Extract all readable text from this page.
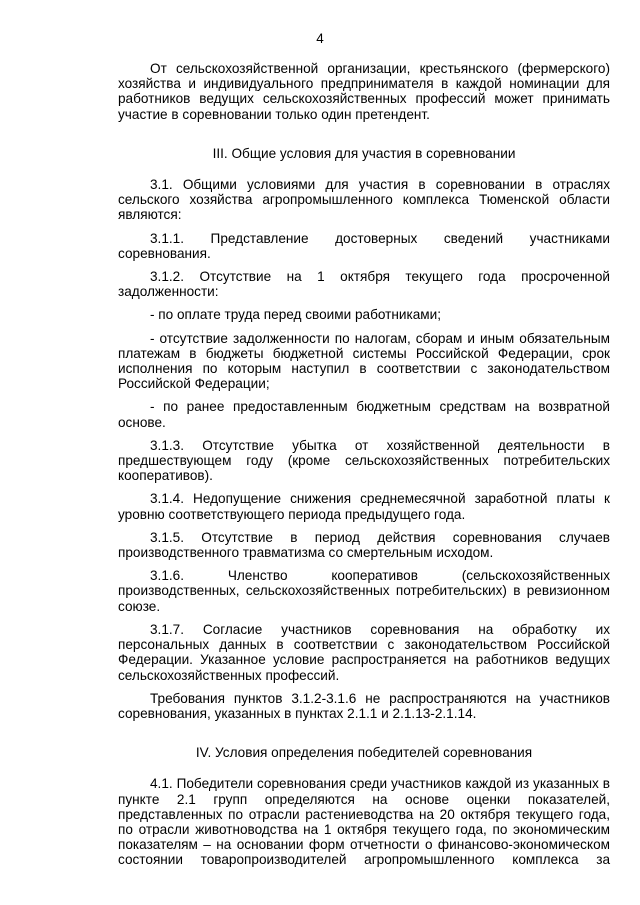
4

От сельскохозяйственной организации, крестьянского (фермерского) хозяйства и индивидуального предпринимателя в каждой номинации для работников ведущих сельскохозяйственных профессий может принимать участие в соревновании только один претендент.

III. Общие условия для участия в соревновании

3.1. Общими условиями для участия в соревновании в отраслях сельского хозяйства агропромышленного комплекса Тюменской области являются:

3.1.1. Представление достоверных сведений участниками соревнования.

3.1.2. Отсутствие на 1 октября текущего года просроченной задолженности:

- по оплате труда перед своими работниками;

- отсутствие задолженности по налогам, сборам и иным обязательным платежам в бюджеты бюджетной системы Российской Федерации, срок исполнения по которым наступил в соответствии с законодательством Российской Федерации;

- по ранее предоставленным бюджетным средствам на возвратной основе.

3.1.3. Отсутствие убытка от хозяйственной деятельности в предшествующем году (кроме сельскохозяйственных потребительских кооперативов).

3.1.4. Недопущение снижения среднемесячной заработной платы к уровню соответствующего периода предыдущего года.

3.1.5. Отсутствие в период действия соревнования случаев производственного травматизма со смертельным исходом.

3.1.6. Членство кооперативов (сельскохозяйственных производственных, сельскохозяйственных потребительских) в ревизионном союзе.

3.1.7. Согласие участников соревнования на обработку их персональных данных в соответствии с законодательством Российской Федерации. Указанное условие распространяется на работников ведущих сельскохозяйственных профессий.

Требования пунктов 3.1.2-3.1.6 не распространяются на участников соревнования, указанных в пунктах 2.1.1 и 2.1.13-2.1.14.

IV. Условия определения победителей соревнования

4.1. Победители соревнования среди участников каждой из указанных в пункте 2.1 групп определяются на основе оценки показателей, представленных по отрасли растениеводства на 20 октября текущего года, по отрасли животноводства на 1 октября текущего года, по экономическим показателям – на основании форм отчетности о финансово-экономическом состоянии товаропроизводителей агропромышленного комплекса за
